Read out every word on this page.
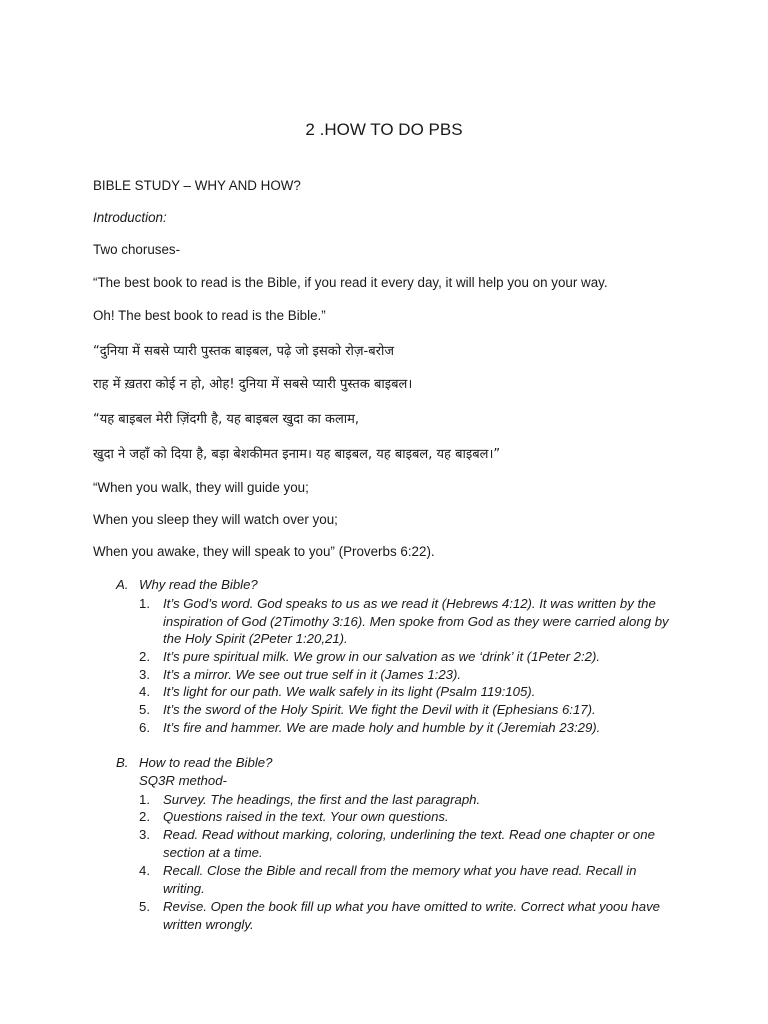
2 .HOW TO DO PBS

BIBLE STUDY – WHY AND HOW?

Introduction:

Two choruses-

“The best book to read is the Bible, if you read it every day, it will help you on your way.

Oh! The best book to read is the Bible.”

“दुनिया में सबसे प्यारी पुस्तक बाइबल, पढ़े जो इसको रोज़-बरोज

राह में ख़तरा कोई न हो, ओह! दुनिया में सबसे प्यारी पुस्तक बाइबल।

“यह बाइबल मेरी ज़िंदगी है, यह बाइबल खुदा का कलाम,

खुदा ने जहाँ को दिया है, बड़ा बेशकीमत इनाम। यह बाइबल, यह बाइबल, यह बाइबल।”

“When you walk, they will guide you;

When you sleep they will watch over you;

When you awake, they will speak to you” (Proverbs 6:22).

A. Why read the Bible?
1. It’s God’s word. God speaks to us as we read it (Hebrews 4:12). It was written by the inspiration of God (2Timothy 3:16). Men spoke from God as they were carried along by the Holy Spirit (2Peter 1:20,21).
2. It’s pure spiritual milk. We grow in our salvation as we ‘drink’ it (1Peter 2:2).
3. It’s a mirror. We see out true self in it (James 1:23).
4. It’s light for our path. We walk safely in its light (Psalm 119:105).
5. It’s the sword of the Holy Spirit. We fight the Devil with it (Ephesians 6:17).
6. It’s fire and hammer. We are made holy and humble by it (Jeremiah 23:29).
B. How to read the Bible?
SQ3R method-
1. Survey. The headings, the first and the last paragraph.
2. Questions raised in the text. Your own questions.
3. Read. Read without marking, coloring, underlining the text. Read one chapter or one section at a time.
4. Recall. Close the Bible and recall from the memory what you have read. Recall in writing.
5. Revise. Open the book fill up what you have omitted to write. Correct what yoou have written wrongly.
